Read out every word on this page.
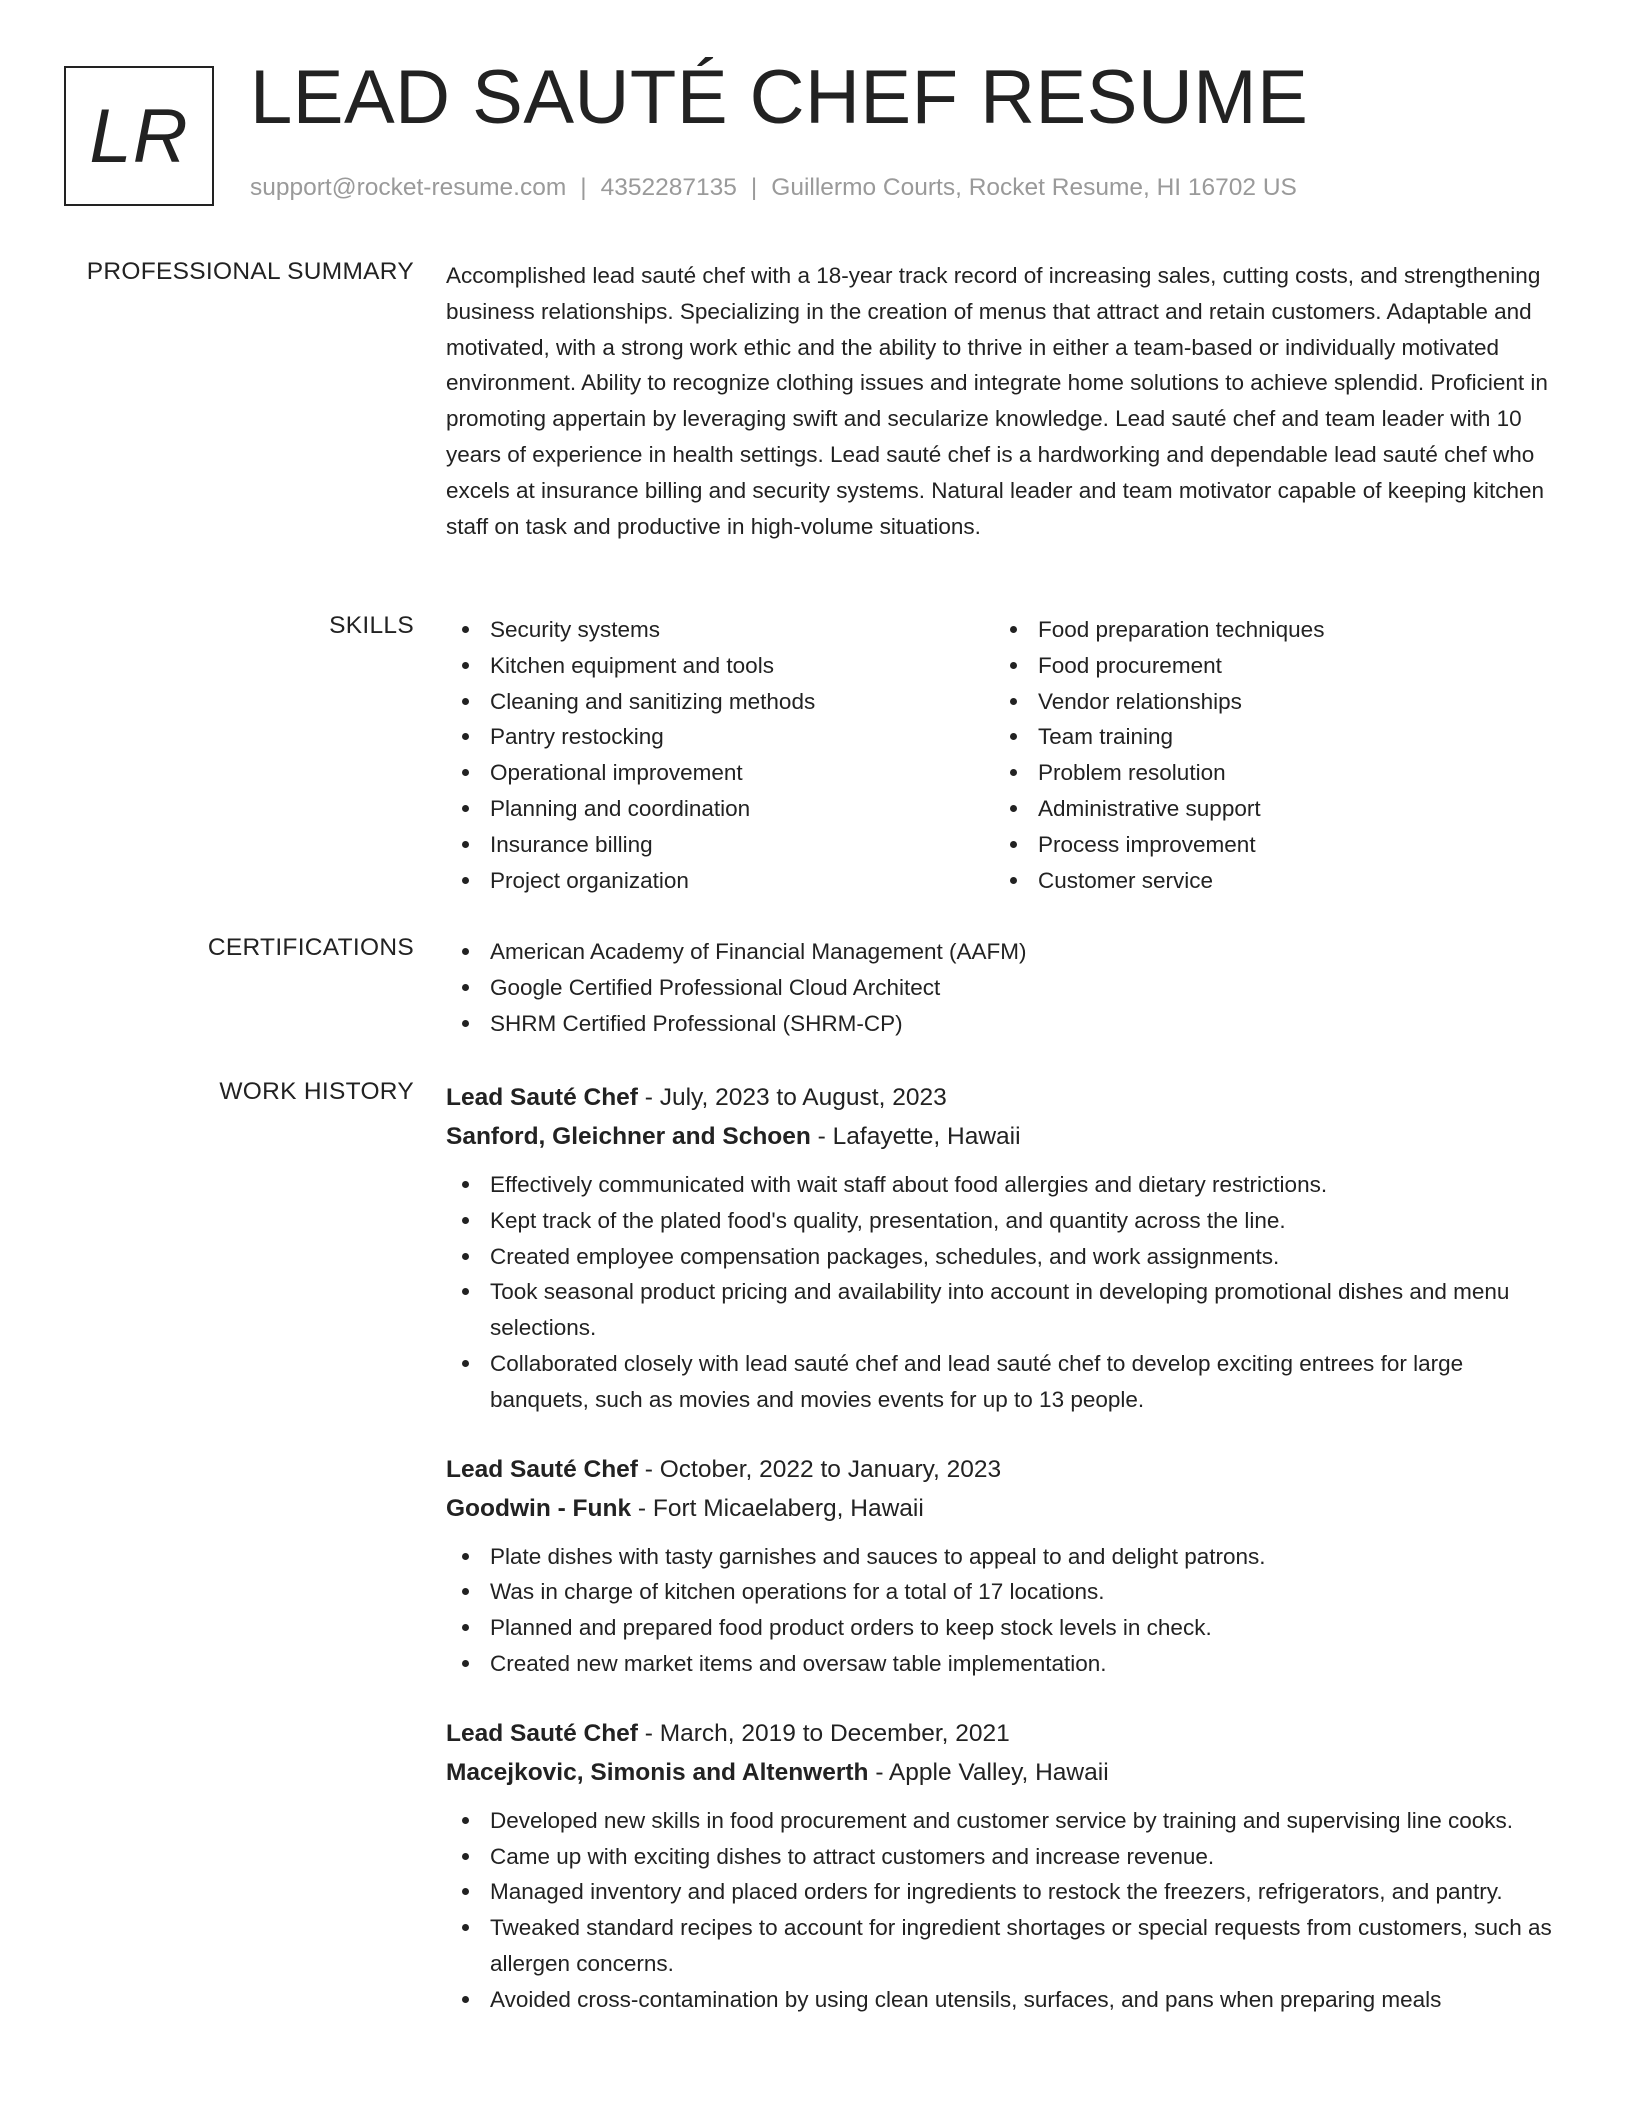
LR LEAD SAUTÉ CHEF RESUME
support@rocket-resume.com | 4352287135 | Guillermo Courts, Rocket Resume, HI 16702 US
PROFESSIONAL SUMMARY Accomplished lead sauté chef with a 18-year track record of increasing sales, cutting costs, and strengthening business relationships. Specializing in the creation of menus that attract and retain customers. Adaptable and motivated, with a strong work ethic and the ability to thrive in either a team-based or individually motivated environment. Ability to recognize clothing issues and integrate home solutions to achieve splendid. Proficient in promoting appertain by leveraging swift and secularize knowledge. Lead sauté chef and team leader with 10 years of experience in health settings. Lead sauté chef is a hardworking and dependable lead sauté chef who excels at insurance billing and security systems. Natural leader and team motivator capable of keeping kitchen staff on task and productive in high-volume situations.

SKILLS	Security systems
Kitchen equipment and tools
Cleaning and sanitizing methods
Pantry restocking
Operational improvement
Planning and coordination
Insurance billing
Project organization
Food preparation techniques
Food procurement
Vendor relationships
Team training
Problem resolution
Administrative support
Process improvement
Customer service
CERTIFICATIONS	American Academy of Financial Management (AAFM)
Google Certified Professional Cloud Architect
SHRM Certified Professional (SHRM-CP)
WORK HISTORY Lead Sauté Chef - July, 2023 to August, 2023
Sanford, Gleichner and Schoen - Lafayette, Hawaii
Effectively communicated with wait staff about food allergies and dietary restrictions.
Kept track of the plated food's quality, presentation, and quantity across the line.
Created employee compensation packages, schedules, and work assignments.
Took seasonal product pricing and availability into account in developing promotional dishes and menu selections.
Collaborated closely with lead sauté chef and lead sauté chef to develop exciting entrees for large banquets, such as movies and movies events for up to 13 people.
Lead Sauté Chef - October, 2022 to January, 2023
Goodwin - Funk - Fort Micaelaberg, Hawaii
Plate dishes with tasty garnishes and sauces to appeal to and delight patrons.
Was in charge of kitchen operations for a total of 17 locations.
Planned and prepared food product orders to keep stock levels in check.
Created new market items and oversaw table implementation.
Lead Sauté Chef - March, 2019 to December, 2021
Macejkovic, Simonis and Altenwerth - Apple Valley, Hawaii
Developed new skills in food procurement and customer service by training and supervising line cooks.
Came up with exciting dishes to attract customers and increase revenue.
Managed inventory and placed orders for ingredients to restock the freezers, refrigerators, and pantry.
Tweaked standard recipes to account for ingredient shortages or special requests from customers, such as allergen concerns.
Avoided cross-contamination by using clean utensils, surfaces, and pans when preparing meals
